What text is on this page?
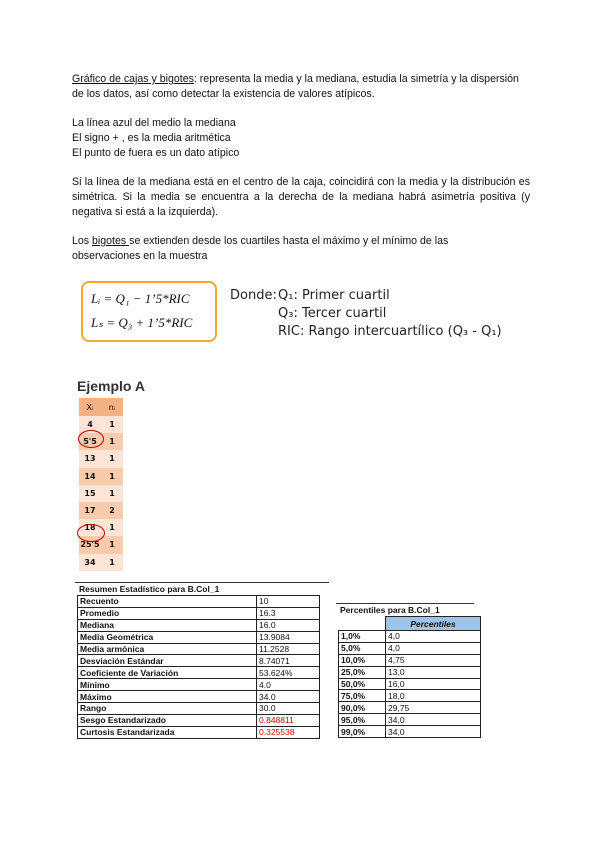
Gráfico de cajas y bigotes: representa la media y la mediana, estudia la simetría y la dispersión de los datos, así como detectar la existencia de valores atípicos.
La línea azul del medio la mediana
El signo + , es la media aritmética
El punto de fuera es un dato atípico
Si la línea de la mediana está en el centro de la caja, coincidirá con la media y la distribución es simétrica. Si la media se encuentra a la derecha de la mediana habrá asimetría positiva (y negativa si está a la izquierda).
Los bigotes se extienden desde los cuartiles hasta el máximo y el mínimo de las observaciones en la muestra
Lᵢ = Q₁ − 1’5*RIC
Lₛ = Q₃ + 1’5*RIC
Donde: Q₁: Primer cuartil
Q₃: Tercer cuartil
RIC: Rango intercuartílico (Q₃ - Q₁)
Ejemplo A
Xᵢ	nᵢ
4	1
5'5	1
13	1
14	1
15	1
17	2
18	1
25'5	1
34	1
Resumen Estadístico para B.Col_1
Recuento	10
Promedio	16.3
Mediana	16.0
Media Geométrica	13.9084
Media armónica	11.2528
Desviación Estándar	8.74071
Coeficiente de Variación	53.624%
Mínimo	4.0
Máximo	34.0
Rango	30.0
Sesgo Estandarizado	0.848811
Curtosis Estandarizada	0.325538
Percentiles para B.Col_1
	Percentiles
1,0%	4,0
5,0%	4,0
10,0%	4,75
25,0%	13,0
50,0%	16,0
75,0%	18,0
90,0%	29,75
95,0%	34,0
99,0%	34,0
